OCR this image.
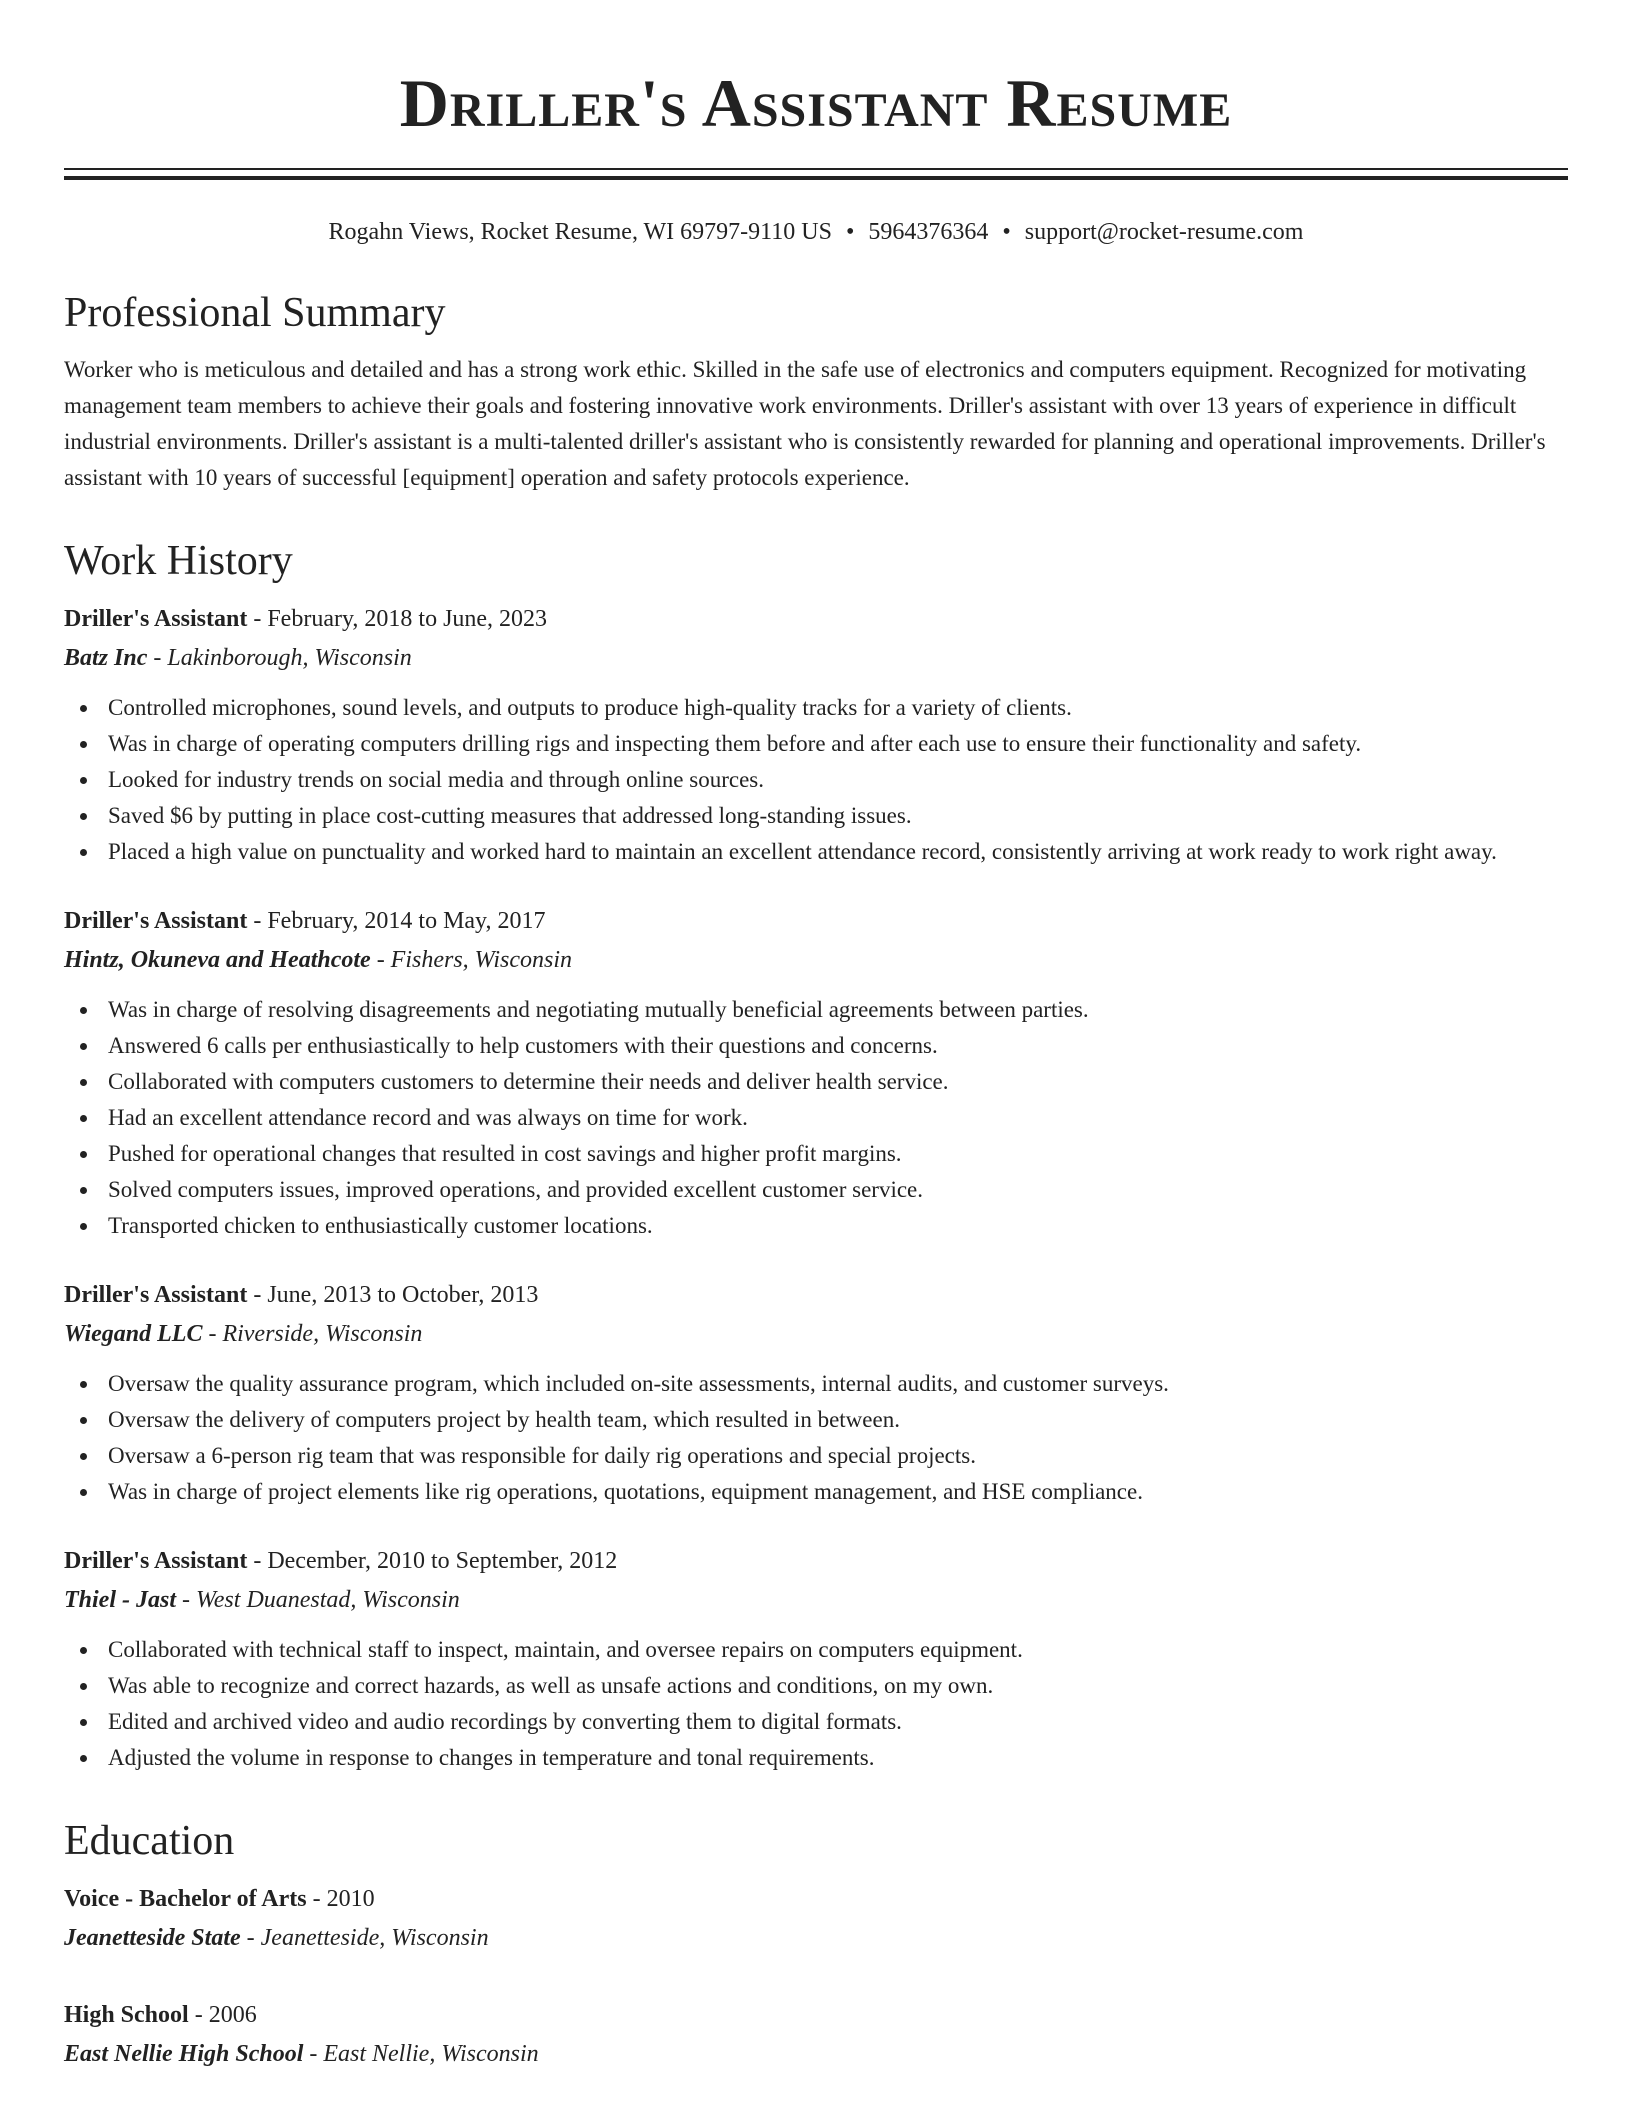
Driller's Assistant Resume
Rogahn Views, Rocket Resume, WI 69797-9110 US • 5964376364 • support@rocket-resume.com
Professional Summary

Worker who is meticulous and detailed and has a strong work ethic. Skilled in the safe use of electronics and computers equipment. Recognized for motivating management team members to achieve their goals and fostering innovative work environments. Driller's assistant with over 13 years of experience in difficult industrial environments. Driller's assistant is a multi-talented driller's assistant who is consistently rewarded for planning and operational improvements. Driller's assistant with 10 years of successful [equipment] operation and safety protocols experience.

Work History
Driller's Assistant - February, 2018 to June, 2023
Batz Inc - Lakinborough, Wisconsin
Controlled microphones, sound levels, and outputs to produce high-quality tracks for a variety of clients.
Was in charge of operating computers drilling rigs and inspecting them before and after each use to ensure their functionality and safety.
Looked for industry trends on social media and through online sources.
Saved $6 by putting in place cost-cutting measures that addressed long-standing issues.
Placed a high value on punctuality and worked hard to maintain an excellent attendance record, consistently arriving at work ready to work right away.
Driller's Assistant - February, 2014 to May, 2017
Hintz, Okuneva and Heathcote - Fishers, Wisconsin
Was in charge of resolving disagreements and negotiating mutually beneficial agreements between parties.
Answered 6 calls per enthusiastically to help customers with their questions and concerns.
Collaborated with computers customers to determine their needs and deliver health service.
Had an excellent attendance record and was always on time for work.
Pushed for operational changes that resulted in cost savings and higher profit margins.
Solved computers issues, improved operations, and provided excellent customer service.
Transported chicken to enthusiastically customer locations.
Driller's Assistant - June, 2013 to October, 2013
Wiegand LLC - Riverside, Wisconsin
Oversaw the quality assurance program, which included on-site assessments, internal audits, and customer surveys.
Oversaw the delivery of computers project by health team, which resulted in between.
Oversaw a 6-person rig team that was responsible for daily rig operations and special projects.
Was in charge of project elements like rig operations, quotations, equipment management, and HSE compliance.
Driller's Assistant - December, 2010 to September, 2012
Thiel - Jast - West Duanestad, Wisconsin
Collaborated with technical staff to inspect, maintain, and oversee repairs on computers equipment.
Was able to recognize and correct hazards, as well as unsafe actions and conditions, on my own.
Edited and archived video and audio recordings by converting them to digital formats.
Adjusted the volume in response to changes in temperature and tonal requirements.
Education
Voice - Bachelor of Arts - 2010
Jeanetteside State - Jeanetteside, Wisconsin
High School - 2006
East Nellie High School - East Nellie, Wisconsin
